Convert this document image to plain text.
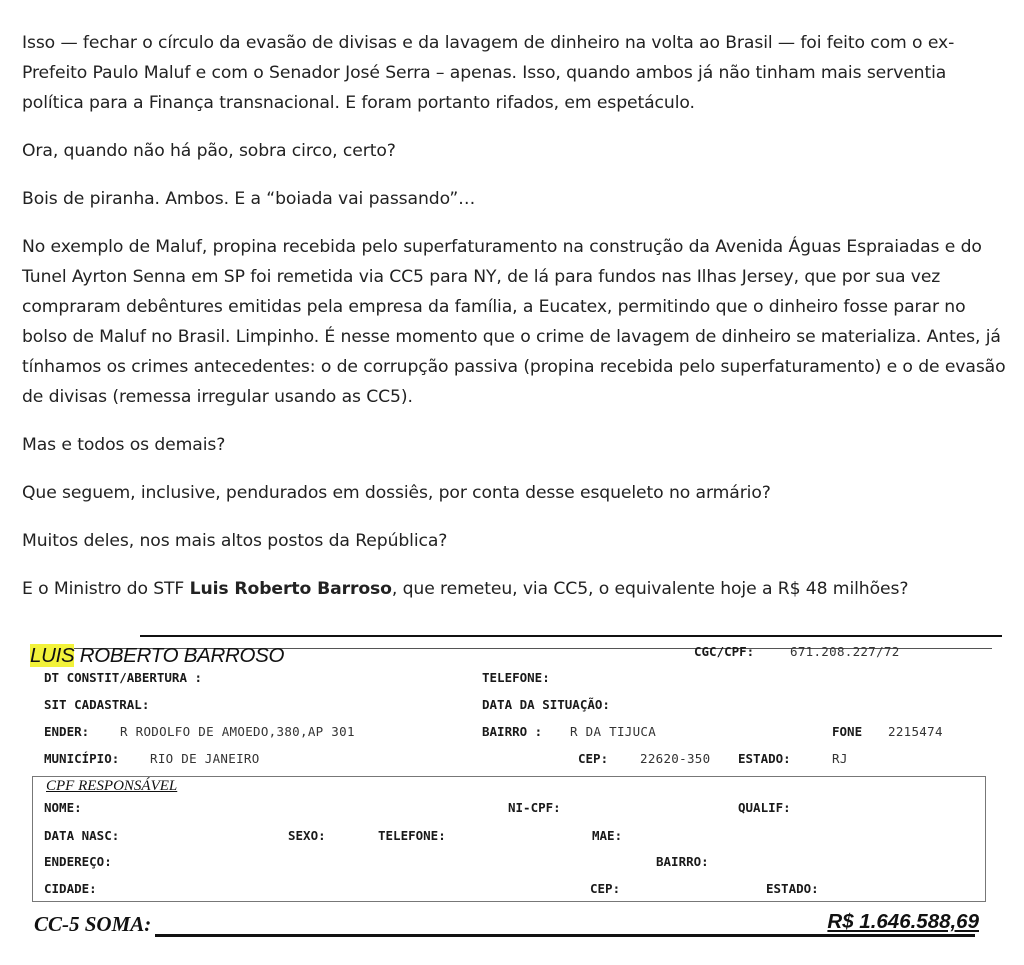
Isso — fechar o círculo da evasão de divisas e da lavagem de dinheiro na volta ao Brasil — foi feito com o ex-Prefeito Paulo Maluf e com o Senador José Serra – apenas. Isso, quando ambos já não tinham mais serventia política para a Finança transnacional. E foram portanto rifados, em espetáculo.

Ora, quando não há pão, sobra circo, certo?

Bois de piranha. Ambos. E a “boiada vai passando”…

No exemplo de Maluf, propina recebida pelo superfaturamento na construção da Avenida Águas Espraiadas e do Tunel Ayrton Senna em SP foi remetida via CC5 para NY, de lá para fundos nas Ilhas Jersey, que por sua vez compraram debêntures emitidas pela empresa da família, a Eucatex, permitindo que o dinheiro fosse parar no bolso de Maluf no Brasil. Limpinho. É nesse momento que o crime de lavagem de dinheiro se materializa. Antes, já tínhamos os crimes antecedentes: o de corrupção passiva (propina recebida pelo superfaturamento) e o de evasão de divisas (remessa irregular usando as CC5).

Mas e todos os demais?

Que seguem, inclusive, pendurados em dossiês, por conta desse esqueleto no armário?

Muitos deles, nos mais altos postos da República?

E o Ministro do STF Luis Roberto Barroso, que remeteu, via CC5, o equivalente hoje a R$ 48 milhões?

LUIS ROBERTO BARROSO	CGC/CPF:	671.208.227/72
DT CONSTIT/ABERTURA :	TELEFONE:
SIT CADASTRAL:	DATA DA SITUAÇÃO:
ENDER: R RODOLFO DE AMOEDO,380,AP 301	BAIRRO : R DA TIJUCA	FONE 2215474
MUNICÍPIO: RIO DE JANEIRO	CEP:	22620-350 ESTADO:	RJ
CPF RESPONSÁVEL
NOME:	NI-CPF:	QUALIF:
DATA NASC:	SEXO:	TELEFONE:	MAE:
ENDEREÇO:	BAIRRO:
CIDADE:	CEP:	ESTADO:
CC-5 SOMA:	R$ 1.646.588,69
